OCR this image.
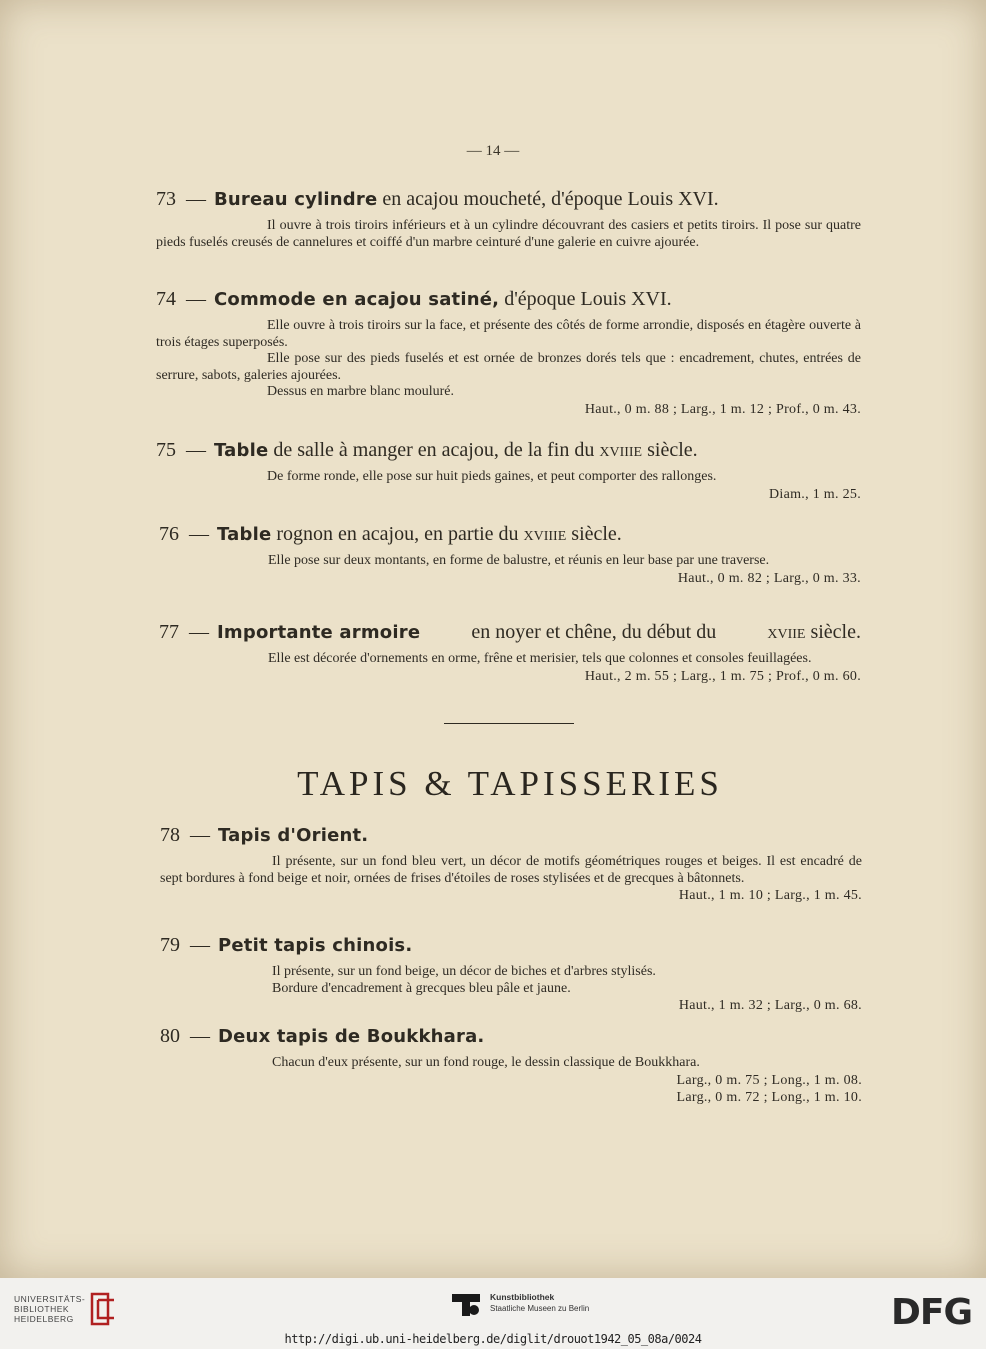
— 14 —
73 — Bureau cylindre en acajou moucheté, d'époque Louis XVI.

Il ouvre à trois tiroirs inférieurs et à un cylindre découvrant des casiers et petits tiroirs. Il pose sur quatre pieds fuselés creusés de cannelures et coiffé d'un marbre ceinturé d'une galerie en cuivre ajourée.

74 — Commode en acajou satiné, d'époque Louis XVI.

Elle ouvre à trois tiroirs sur la face, et présente des côtés de forme arrondie, disposés en étagère ouverte à trois étages superposés.

Elle pose sur des pieds fuselés et est ornée de bronzes dorés tels que : encadrement, chutes, entrées de serrure, sabots, galeries ajourées.

Dessus en marbre blanc mouluré.

Haut., 0 m. 88 ; Larg., 1 m. 12 ; Prof., 0 m. 43.
75 — Table de salle à manger en acajou, de la fin du xviiie siècle.

De forme ronde, elle pose sur huit pieds gaines, et peut comporter des rallonges.

Diam., 1 m. 25.
76 — Table rognon en acajou, en partie du xviiie siècle.

Elle pose sur deux montants, en forme de balustre, et réunis en leur base par une traverse.

Haut., 0 m. 82 ; Larg., 0 m. 33.
77 — Importante armoire	en noyer et chêne, du début du	xviie siècle.

Elle est décorée d'ornements en orme, frêne et merisier, tels que colonnes et consoles feuillagées.

Haut., 2 m. 55 ; Larg., 1 m. 75 ; Prof., 0 m. 60.
TAPIS & TAPISSERIES
78 — Tapis d'Orient.

Il présente, sur un fond bleu vert, un décor de motifs géométriques rouges et beiges. Il est encadré de sept bordures à fond beige et noir, ornées de frises d'étoiles de roses stylisées et de grecques à bâtonnets.

Haut., 1 m. 10 ; Larg., 1 m. 45.
79 — Petit tapis chinois.

Il présente, sur un fond beige, un décor de biches et d'arbres stylisés.

Bordure d'encadrement à grecques bleu pâle et jaune.

Haut., 1 m. 32 ; Larg., 0 m. 68.
80 — Deux tapis de Boukkhara.

Chacun d'eux présente, sur un fond rouge, le dessin classique de Boukkhara.

Larg., 0 m. 75 ; Long., 1 m. 08.
Larg., 0 m. 72 ; Long., 1 m. 10.
UNIVERSITÄTS-
BIBLIOTHEK
HEIDELBERG
Kunstbibliothek
Staatliche Museen zu Berlin	DFG
http://digi.ub.uni-heidelberg.de/diglit/drouot1942_05_08a/0024
